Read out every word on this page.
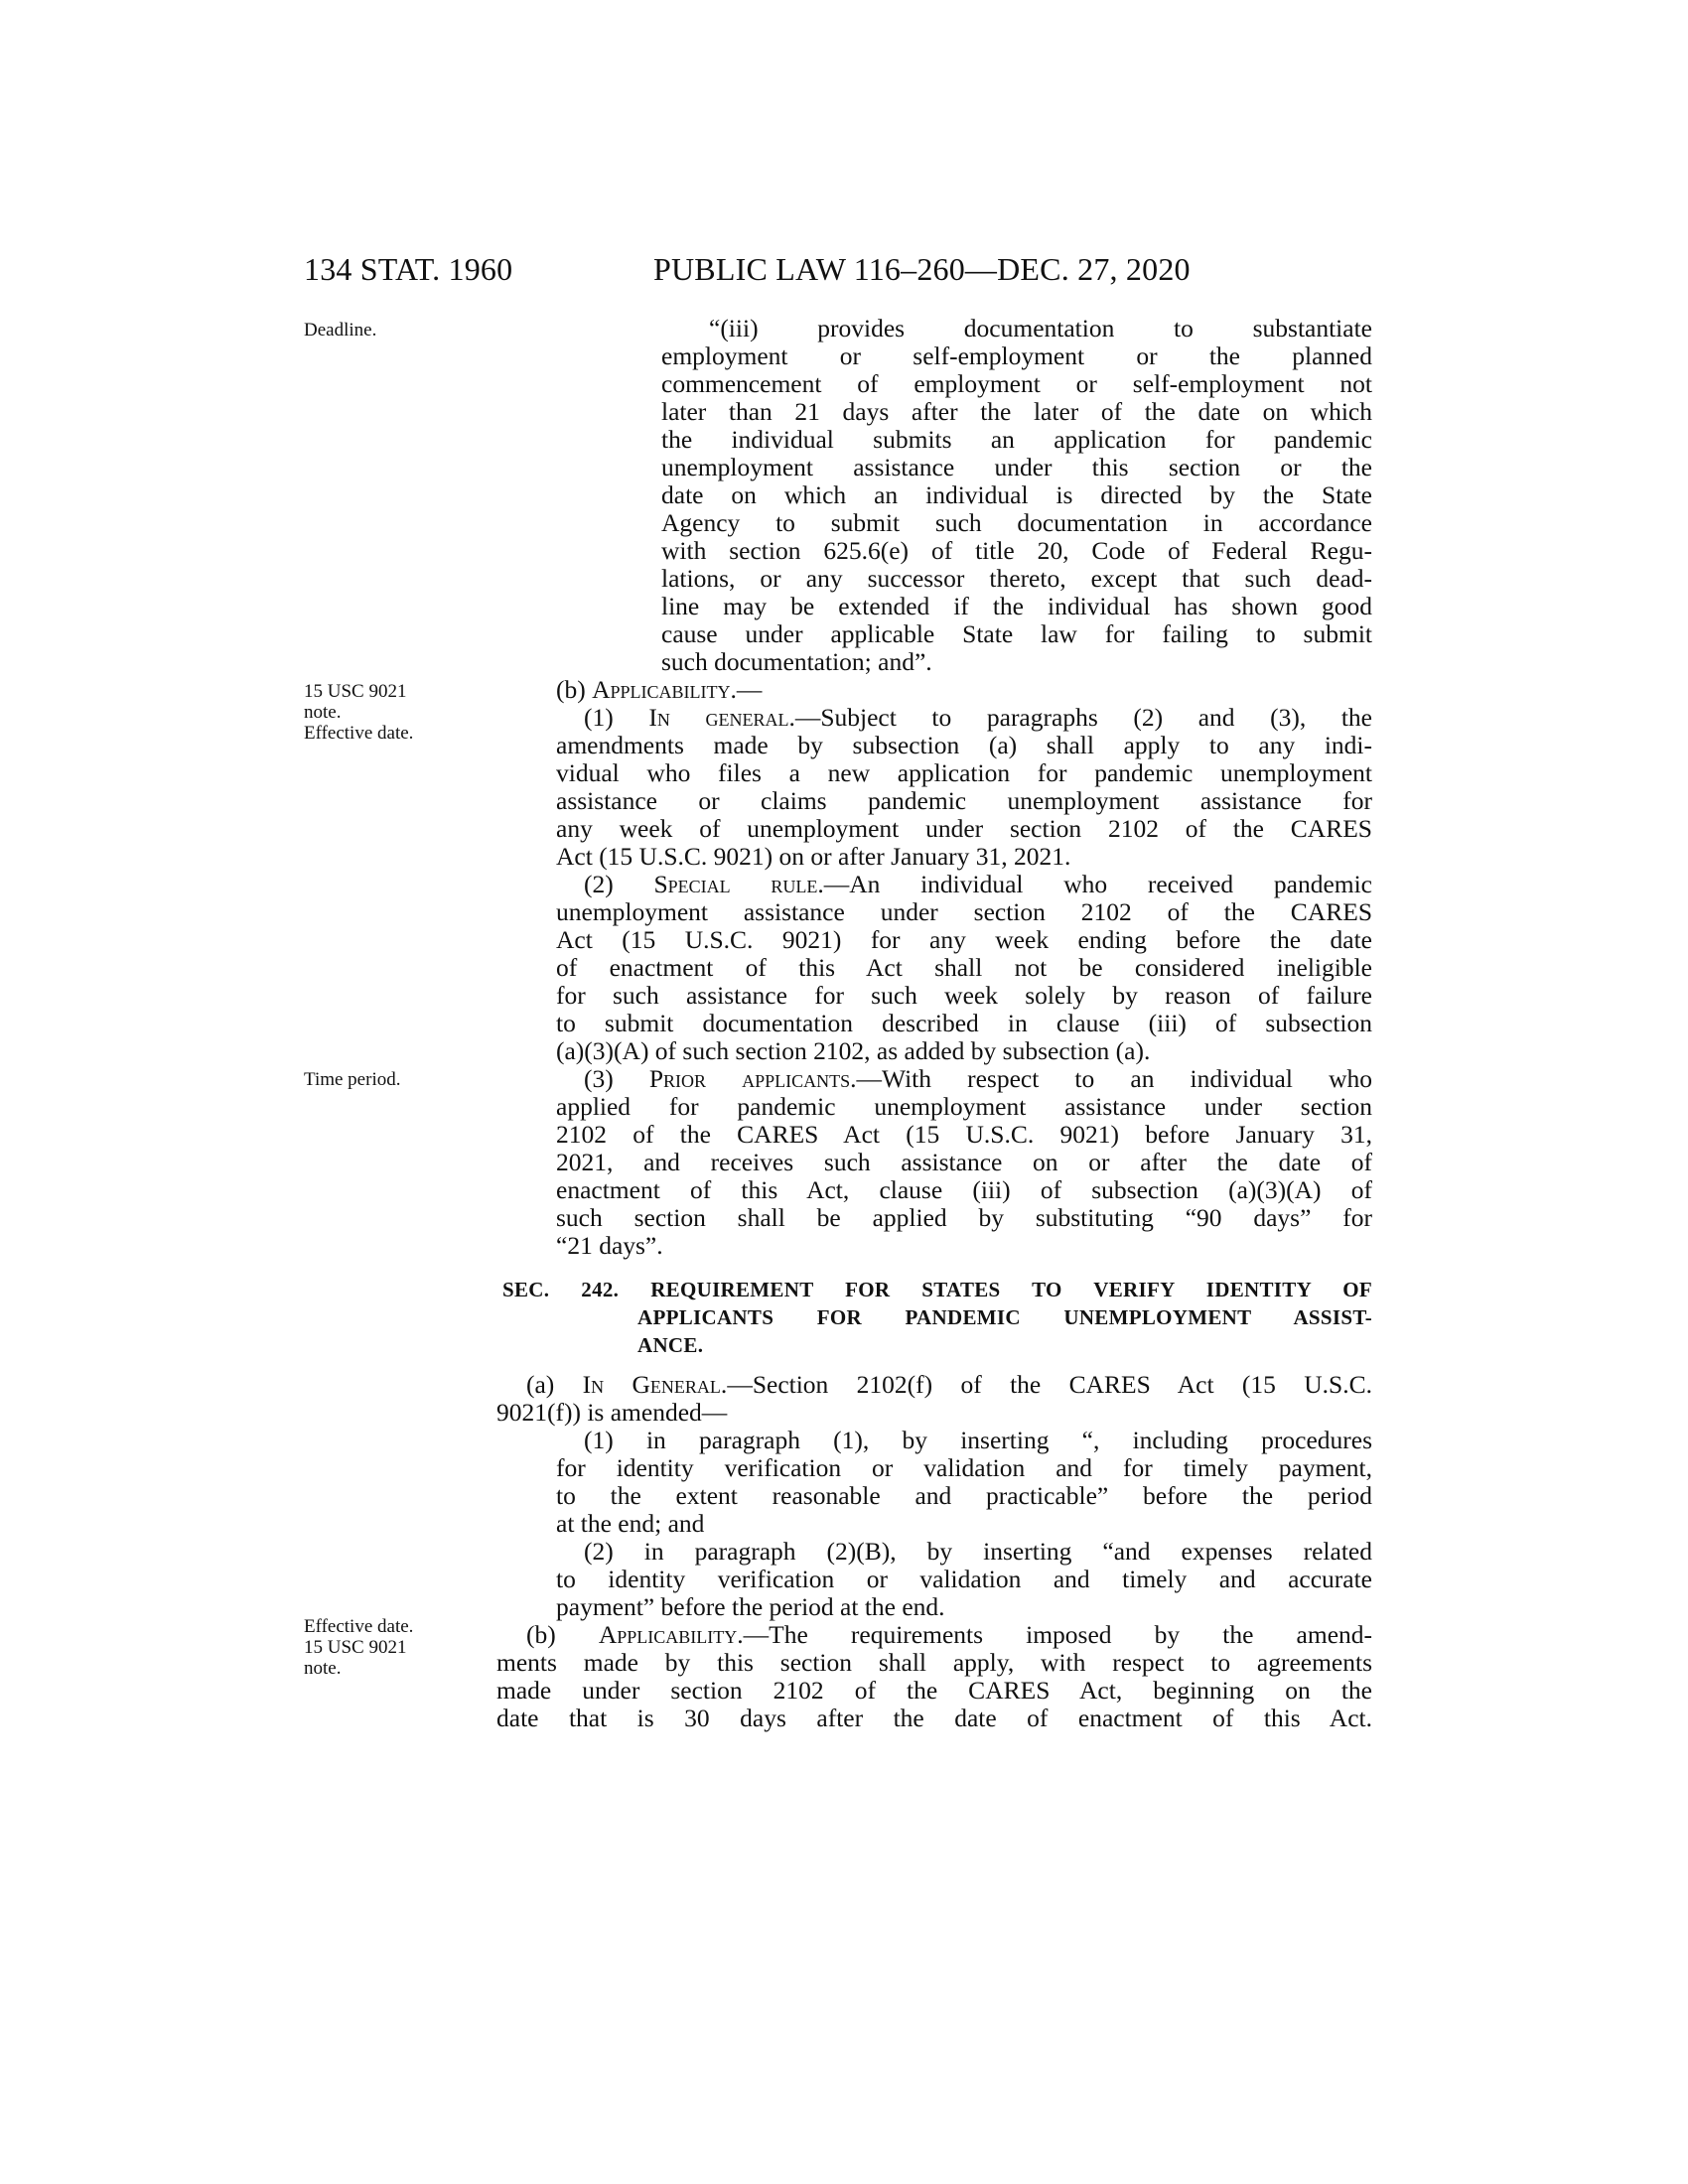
134 STAT. 1960	PUBLIC LAW 116–260—DEC. 27, 2020
Deadline.
15 USC 9021
note.
Effective date.
Time period.
Effective date.
15 USC 9021
note.
“(iii) provides documentation to substantiate
employment or self-employment or the planned
commencement of employment or self-employment not
later than 21 days after the later of the date on which
the individual submits an application for pandemic
unemployment assistance under this section or the
date on which an individual is directed by the State
Agency to submit such documentation in accordance
with section 625.6(e) of title 20, Code of Federal Regu-
lations, or any successor thereto, except that such dead-
line may be extended if the individual has shown good
cause under applicable State law for failing to submit
such documentation; and”.
(b) Applicability.—
(1) In general.—Subject to paragraphs (2) and (3), the
amendments made by subsection (a) shall apply to any indi-
vidual who files a new application for pandemic unemployment
assistance or claims pandemic unemployment assistance for
any week of unemployment under section 2102 of the CARES
Act (15 U.S.C. 9021) on or after January 31, 2021.
(2) Special rule.—An individual who received pandemic
unemployment assistance under section 2102 of the CARES
Act (15 U.S.C. 9021) for any week ending before the date
of enactment of this Act shall not be considered ineligible
for such assistance for such week solely by reason of failure
to submit documentation described in clause (iii) of subsection
(a)(3)(A) of such section 2102, as added by subsection (a).
(3) Prior applicants.—With respect to an individual who
applied for pandemic unemployment assistance under section
2102 of the CARES Act (15 U.S.C. 9021) before January 31,
2021, and receives such assistance on or after the date of
enactment of this Act, clause (iii) of subsection (a)(3)(A) of
such section shall be applied by substituting “90 days” for
“21 days”.
SEC. 242. REQUIREMENT FOR STATES TO VERIFY IDENTITY OF
APPLICANTS FOR PANDEMIC UNEMPLOYMENT ASSIST-
ANCE.
(a) In General.—Section 2102(f) of the CARES Act (15 U.S.C.
9021(f)) is amended—
(1) in paragraph (1), by inserting “, including procedures
for identity verification or validation and for timely payment,
to the extent reasonable and practicable” before the period
at the end; and
(2) in paragraph (2)(B), by inserting “and expenses related
to identity verification or validation and timely and accurate
payment” before the period at the end.
(b) Applicability.—The requirements imposed by the amend-
ments made by this section shall apply, with respect to agreements
made under section 2102 of the CARES Act, beginning on the
date that is 30 days after the date of enactment of this Act.
